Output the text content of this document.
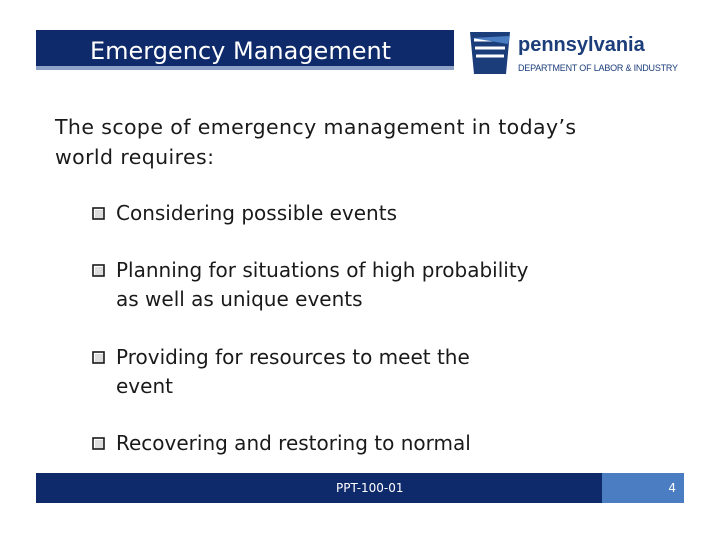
Emergency Management	pennsylvania
DEPARTMENT OF LABOR & INDUSTRY
The scope of emergency management in today’s world requires:
Considering possible events
Planning for situations of high probability
as well as unique events
Providing for resources to meet the
event
Recovering and restoring to normal
PPT-100-01	4
